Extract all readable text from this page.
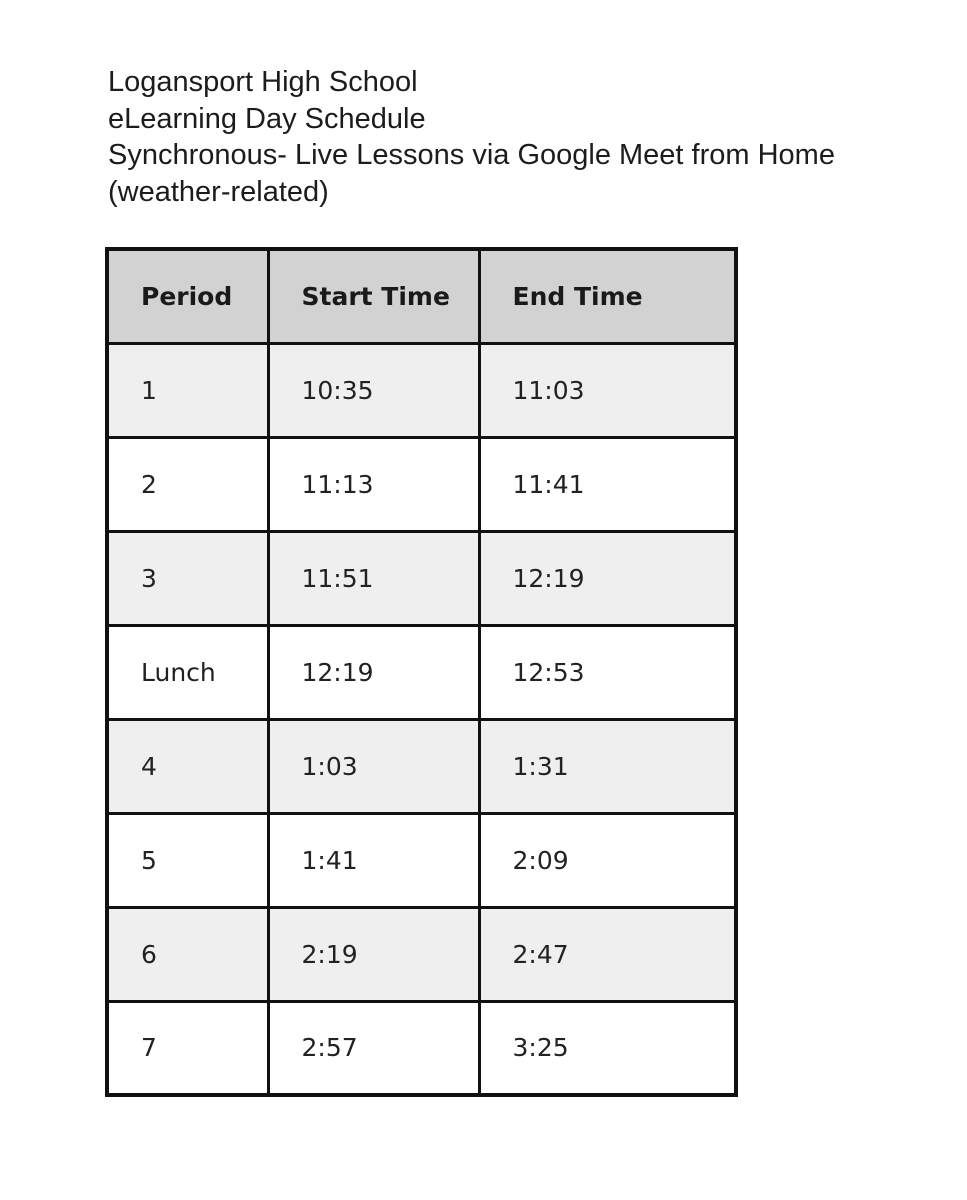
Logansport High School
eLearning Day Schedule
Synchronous- Live Lessons via Google Meet from Home
(weather-related)
Period	Start Time	End Time
1	10:35	11:03
2	11:13	11:41
3	11:51	12:19
Lunch	12:19	12:53
4	1:03	1:31
5	1:41	2:09
6	2:19	2:47
7	2:57	3:25
